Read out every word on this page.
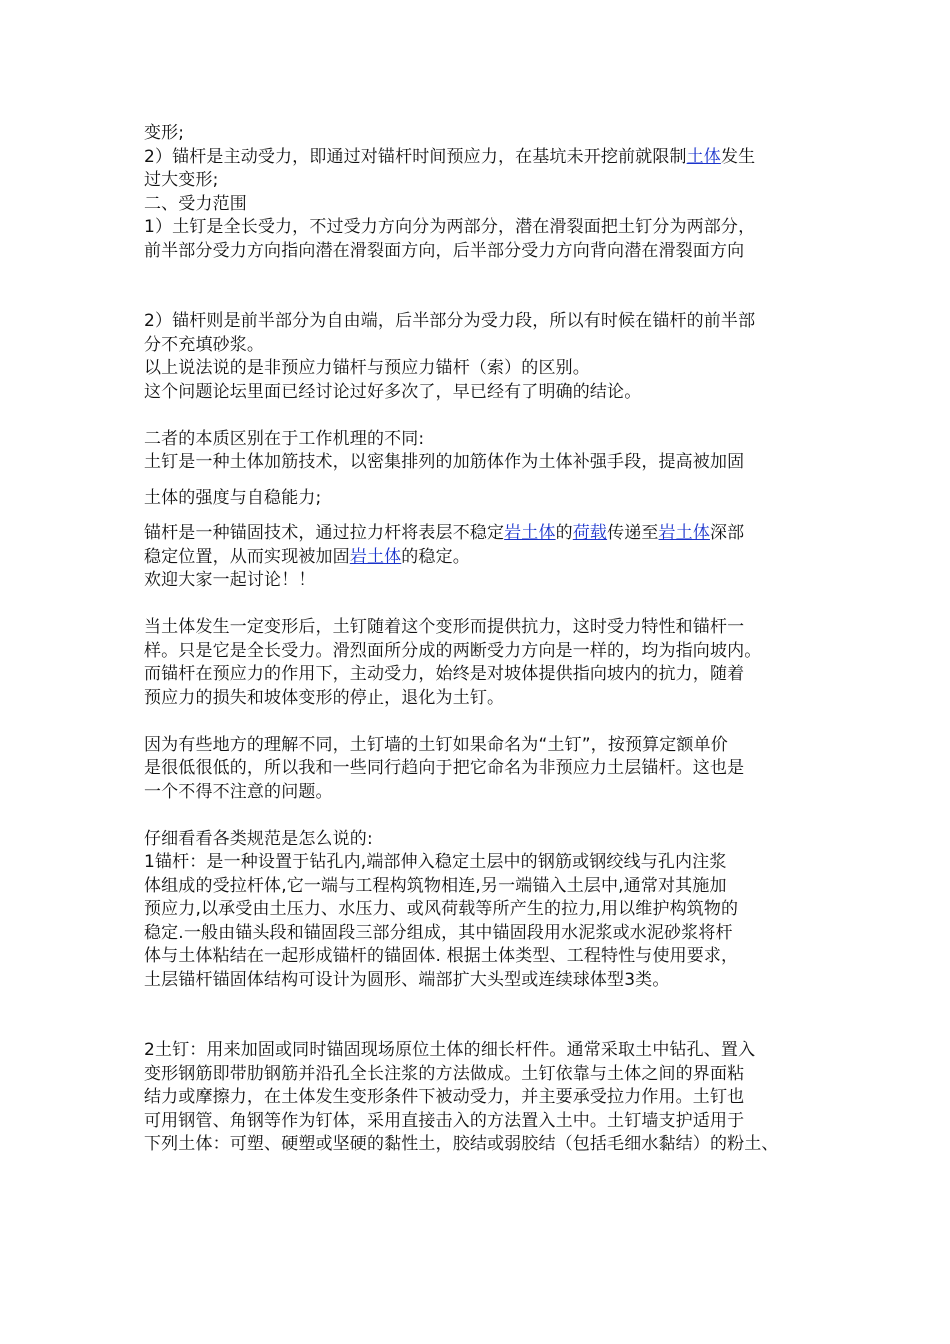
变形;
2）锚杆是主动受力，即通过对锚杆时间预应力，在基坑未开挖前就限制土体发生
过大变形;
二、受力范围
1）土钉是全长受力，不过受力方向分为两部分，潜在滑裂面把土钉分为两部分，
前半部分受力方向指向潜在滑裂面方向，后半部分受力方向背向潜在滑裂面方向
2）锚杆则是前半部分为自由端，后半部分为受力段，所以有时候在锚杆的前半部
分不充填砂浆。
以上说法说的是非预应力锚杆与预应力锚杆（索）的区别。
这个问题论坛里面已经讨论过好多次了，早已经有了明确的结论。
二者的本质区别在于工作机理的不同:
土钉是一种土体加筋技术，以密集排列的加筋体作为土体补强手段，提高被加固
土体的强度与自稳能力;
锚杆是一种锚固技术，通过拉力杆将表层不稳定岩土体的荷载传递至岩土体深部
稳定位置，从而实现被加固岩土体的稳定。
欢迎大家一起讨论！！
当土体发生一定变形后，土钉随着这个变形而提供抗力，这时受力特性和锚杆一
样。只是它是全长受力。滑烈面所分成的两断受力方向是一样的，均为指向坡内。
而锚杆在预应力的作用下，主动受力，始终是对坡体提供指向坡内的抗力，随着
预应力的损失和坡体变形的停止，退化为土钉。
因为有些地方的理解不同，土钉墙的土钉如果命名为“土钉”，按预算定额单价
是很低很低的，所以我和一些同行趋向于把它命名为非预应力土层锚杆。这也是
一个不得不注意的问题。
仔细看看各类规范是怎么说的:
1锚杆：是一种设置于钻孔内,端部伸入稳定土层中的钢筋或钢绞线与孔内注浆
体组成的受拉杆体,它一端与工程构筑物相连,另一端锚入土层中,通常对其施加
预应力,以承受由土压力、水压力、或风荷载等所产生的拉力,用以维护构筑物的
稳定.一般由锚头段和锚固段三部分组成，其中锚固段用水泥浆或水泥砂浆将杆
体与土体粘结在一起形成锚杆的锚固体. 根据土体类型、工程特性与使用要求，
土层锚杆锚固体结构可设计为圆形、端部扩大头型或连续球体型3类。
2土钉：用来加固或同时锚固现场原位土体的细长杆件。通常采取土中钻孔、置入
变形钢筋即带肋钢筋并沿孔全长注浆的方法做成。土钉依靠与土体之间的界面粘
结力或摩擦力，在土体发生变形条件下被动受力，并主要承受拉力作用。土钉也
可用钢管、角钢等作为钉体，采用直接击入的方法置入土中。土钉墙支护适用于
下列土体：可塑、硬塑或坚硬的黏性土，胶结或弱胶结（包括毛细水黏结）的粉土、
